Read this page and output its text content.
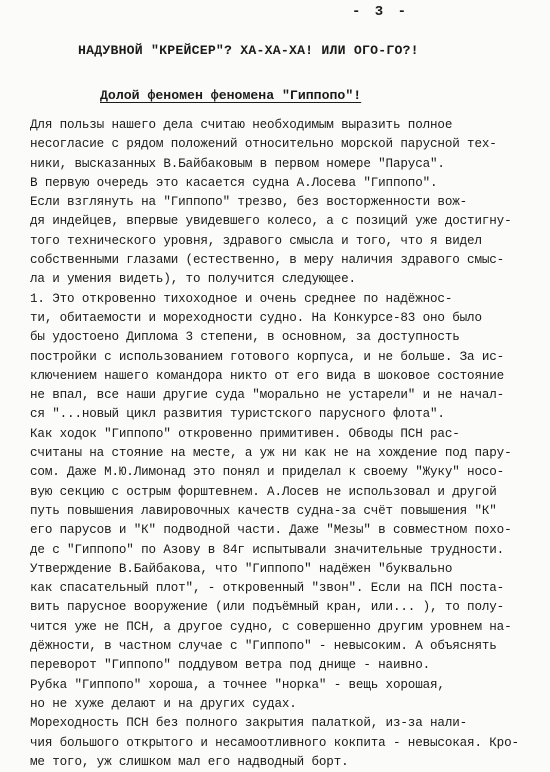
- 3 -
НАДУВНОЙ "КРЕЙСЕР"? ХА-ХА-ХА! ИЛИ ОГО-ГО?!
Долой феномен феномена "Гиппопо"!
Для пользы нашего дела считаю необходимым выразить полное
несогласие с рядом положений относительно морской парусной тех-
ники, высказанных В.Байбаковым в первом номере "Паруса".
В первую очередь это касается судна А.Лосева "Гиппопо".
Если взглянуть на "Гиппопо" трезво, без восторженности вож-
дя индейцев, впервые увидевшего колесо, а с позиций уже достигну-
того технического уровня, здравого смысла и того, что я видел
собственными глазами (естественно, в меру наличия здравого смыс-
ла и умения видеть), то получится следующее.
1. Это откровенно тихоходное и очень среднее по надёжнос-
ти, обитаемости и мореходности судно. На Конкурсе-83 оно было
бы удостоено Диплома 3 степени, в основном, за доступность
постройки с использованием готового корпуса, и не больше. За ис-
ключением нашего командора никто от его вида в шоковое состояние
не впал, все наши другие суда "морально не устарели" и не начал-
ся "...новый цикл развития туристского парусного флота".
Как ходок "Гиппопо" откровенно примитивен. Обводы ПСН рас-
считаны на стояние на месте, а уж ни как не на хождение под пару-
сом. Даже М.Ю.Лимонад это понял и приделал к своему "Жуку" носо-
вую секцию с острым форштевнем. А.Лосев не использовал и другой
путь повышения лавировочных качеств судна-за счёт повышения "К"
его парусов и "К" подводной части. Даже "Мезы" в совместном похо-
де с "Гиппопо" по Азову в 84г испытывали значительные трудности.
Утверждение В.Байбакова, что "Гиппопо" надёжен "буквально
как спасательный плот", - откровенный "звон". Если на ПСН постa-
вить парусное вооружение (или подъёмный кран, или... ), то полу-
чится уже не ПСН, а другое судно, с совершенно другим уровнем на-
дёжности, в частном случае с "Гиппопо" - невысоким. А объяснять
переворот "Гиппопо" поддувом ветра под днище - наивно.
Рубка "Гиппопо" хороша, а точнее "норка" - вещь хорошая,
но не хуже делают и на других судах.
Мореходность ПСН без полного закрытия палаткой, из-за нали-
чия большого открытого и несамоотливного кокпита - невысокая. Кро-
ме того, уж слишком мал его надводный борт.
